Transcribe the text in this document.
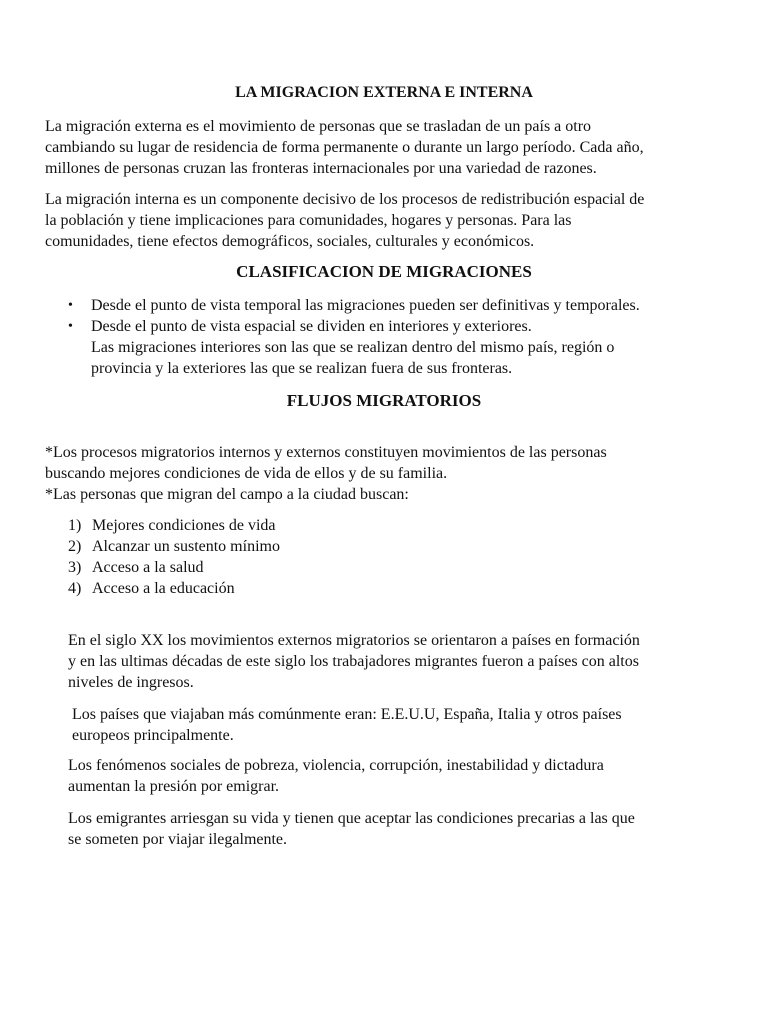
LA MIGRACION EXTERNA E INTERNA
La migración externa es el movimiento de personas que se trasladan de un país a otro
cambiando su lugar de residencia de forma permanente o durante un largo período. Cada año,
millones de personas cruzan las fronteras internacionales por una variedad de razones.
La migración interna es un componente decisivo de los procesos de redistribución espacial de
la población y tiene implicaciones para comunidades, hogares y personas. Para las
comunidades, tiene efectos demográficos, sociales, culturales y económicos.
CLASIFICACION DE MIGRACIONES
• Desde el punto de vista temporal las migraciones pueden ser definitivas y temporales.
• Desde el punto de vista espacial se dividen en interiores y exteriores.
Las migraciones interiores son las que se realizan dentro del mismo país, región o
provincia y la exteriores las que se realizan fuera de sus fronteras.
FLUJOS MIGRATORIOS
*Los procesos migratorios internos y externos constituyen movimientos de las personas
buscando mejores condiciones de vida de ellos y de su familia.
*Las personas que migran del campo a la ciudad buscan:
1) Mejores condiciones de vida
2) Alcanzar un sustento mínimo
3) Acceso a la salud
4) Acceso a la educación
En el siglo XX los movimientos externos migratorios se orientaron a países en formación
y en las ultimas décadas de este siglo los trabajadores migrantes fueron a países con altos
niveles de ingresos.
Los países que viajaban más comúnmente eran: E.E.U.U, España, Italia y otros países
europeos principalmente.
Los fenómenos sociales de pobreza, violencia, corrupción, inestabilidad y dictadura
aumentan la presión por emigrar.
Los emigrantes arriesgan su vida y tienen que aceptar las condiciones precarias a las que
se someten por viajar ilegalmente.
